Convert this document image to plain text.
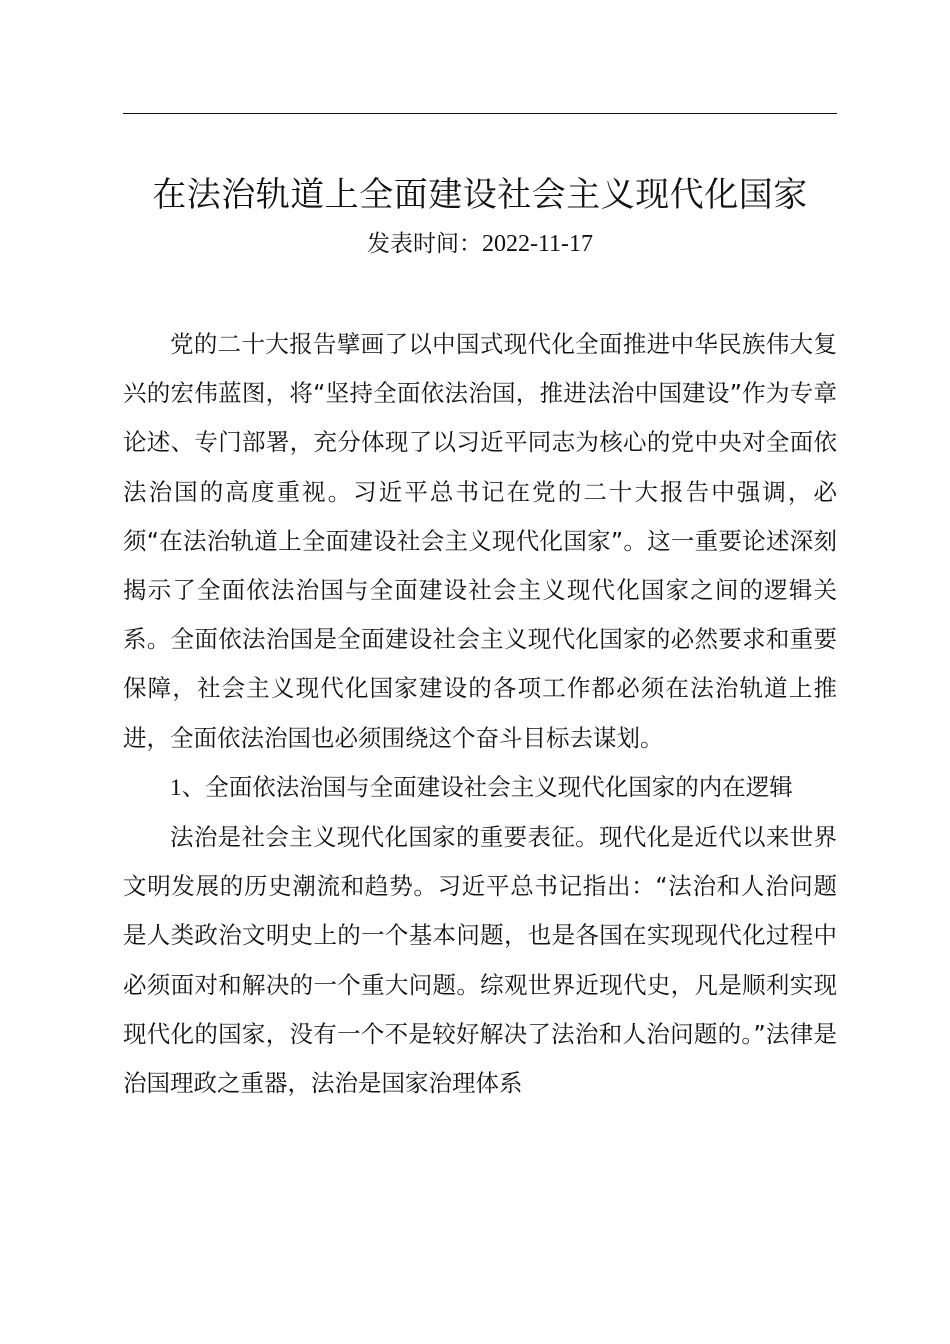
在法治轨道上全面建设社会主义现代化国家
发表时间：2022-11-17

党的二十大报告擘画了以中国式现代化全面推进中华民族伟大复兴的宏伟蓝图，将“坚持全面依法治国，推进法治中国建设”作为专章论述、专门部署，充分体现了以习近平同志为核心的党中央对全面依法治国的高度重视。习近平总书记在党的二十大报告中强调，必须“在法治轨道上全面建设社会主义现代化国家”。这一重要论述深刻揭示了全面依法治国与全面建设社会主义现代化国家之间的逻辑关系。全面依法治国是全面建设社会主义现代化国家的必然要求和重要保障，社会主义现代化国家建设的各项工作都必须在法治轨道上推进，全面依法治国也必须围绕这个奋斗目标去谋划。

1、全面依法治国与全面建设社会主义现代化国家的内在逻辑

法治是社会主义现代化国家的重要表征。现代化是近代以来世界文明发展的历史潮流和趋势。习近平总书记指出：“法治和人治问题是人类政治文明史上的一个基本问题，也是各国在实现现代化过程中必须面对和解决的一个重大问题。综观世界近现代史，凡是顺利实现现代化的国家，没有一个不是较好解决了法治和人治问题的。”法律是治国理政之重器，法治是国家治理体系
